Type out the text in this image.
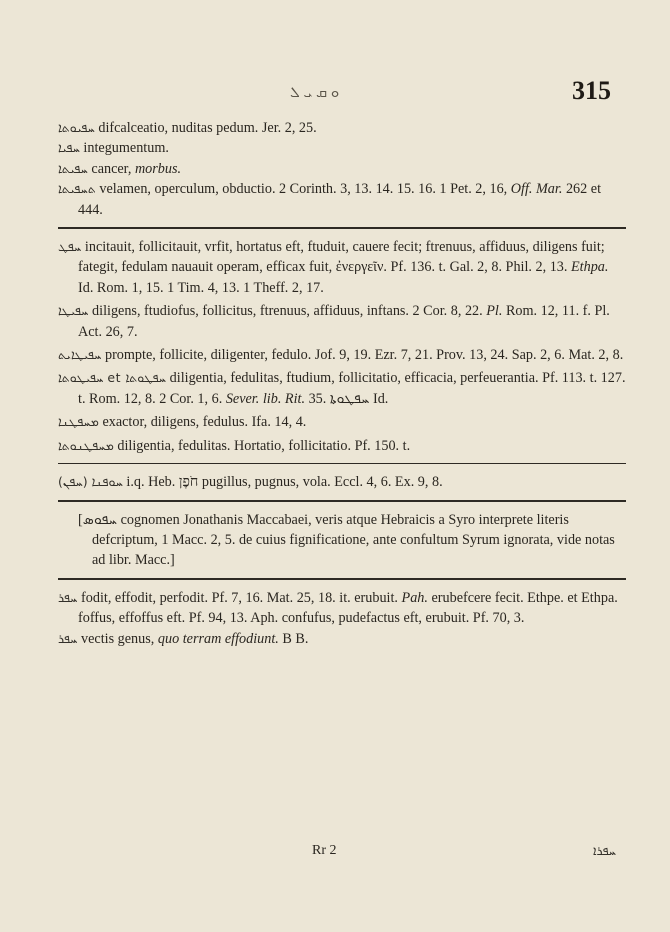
ܘ ܩ ܝ ܠ	315

ܚܦܝܘܬܐ difcalceatio, nuditas pedum. Jer. 2, 25.

ܚܦܝܐ integumentum.

ܚܦܝܬܐ cancer, morbus.

ܬܚܦܝܬܐ velamen, operculum, obductio. 2 Corinth. 3, 13. 14. 15. 16. 1 Pet. 2, 16, Off. Mar. 262 et 444.

ܚܦܛ incitauit, follicitauit, vrfit, hortatus eft, ftuduit, cauere fecit; ftrenuus, affiduus, diligens fuit; fategit, fedulam nauauit operam, efficax fuit, ἐνεργεῖν. Pf. 136. t. Gal. 2, 8. Phil. 2, 13. Ethpa. Id. Rom. 1, 15. 1 Tim. 4, 13. 1 Theff. 2, 17.

ܚܦܝܛܐ diligens, ftudiofus, follicitus, ftrenuus, affiduus, inftans. 2 Cor. 8, 22. Pl. Rom. 12, 11. f. Pl. Act. 26, 7.

ܚܦܝܛܐܝܬ prompte, follicite, diligenter, fedulo. Jof. 9, 19. Ezr. 7, 21. Prov. 13, 24. Sap. 2, 6. Mat. 2, 8.

ܚܦܝܛܘܬܐ et ܚܦܛܘܬܐ diligentia, fedulitas, ftudium, follicitatio, efficacia, perfeuerantia. Pf. 113. t. 127. t. Rom. 12, 8. 2 Cor. 1, 6. Sever. lib. Rit. 35. ܚܦܛܘܬܐ Id.

ܡܚܦܛܢܐ exactor, diligens, fedulus. Ifa. 14, 4.

ܡܚܦܛܢܘܬܐ diligentia, fedulitas. Hortatio, follicitatio. Pf. 150. t.

(ܚܦܢ) ܚܘܦܢܐ i.q. Heb. חֹפֶן pugillus, pugnus, vola. Eccl. 4, 6. Ex. 9, 8.

[ܚܦܘܣ cognomen Jonathanis Maccabaei, veris atque Hebraicis a Syro interprete literis defcriptum, 1 Macc. 2, 5. de cuius fignificatione, ante confultum Syrum ignorata, vide notas ad libr. Macc.]

ܚܦܪ fodit, effodit, perfodit. Pf. 7, 16. Mat. 25, 18. it. erubuit. Pah. erubefcere fecit. Ethpe. et Ethpa. foffus, effoffus eft. Pf. 94, 13. Aph. confufus, pudefactus eft, erubuit. Pf. 70, 3.

ܚܦܪ vectis genus, quo terram effodiunt. B B.

Rr 2	ܚܦܪܐ
